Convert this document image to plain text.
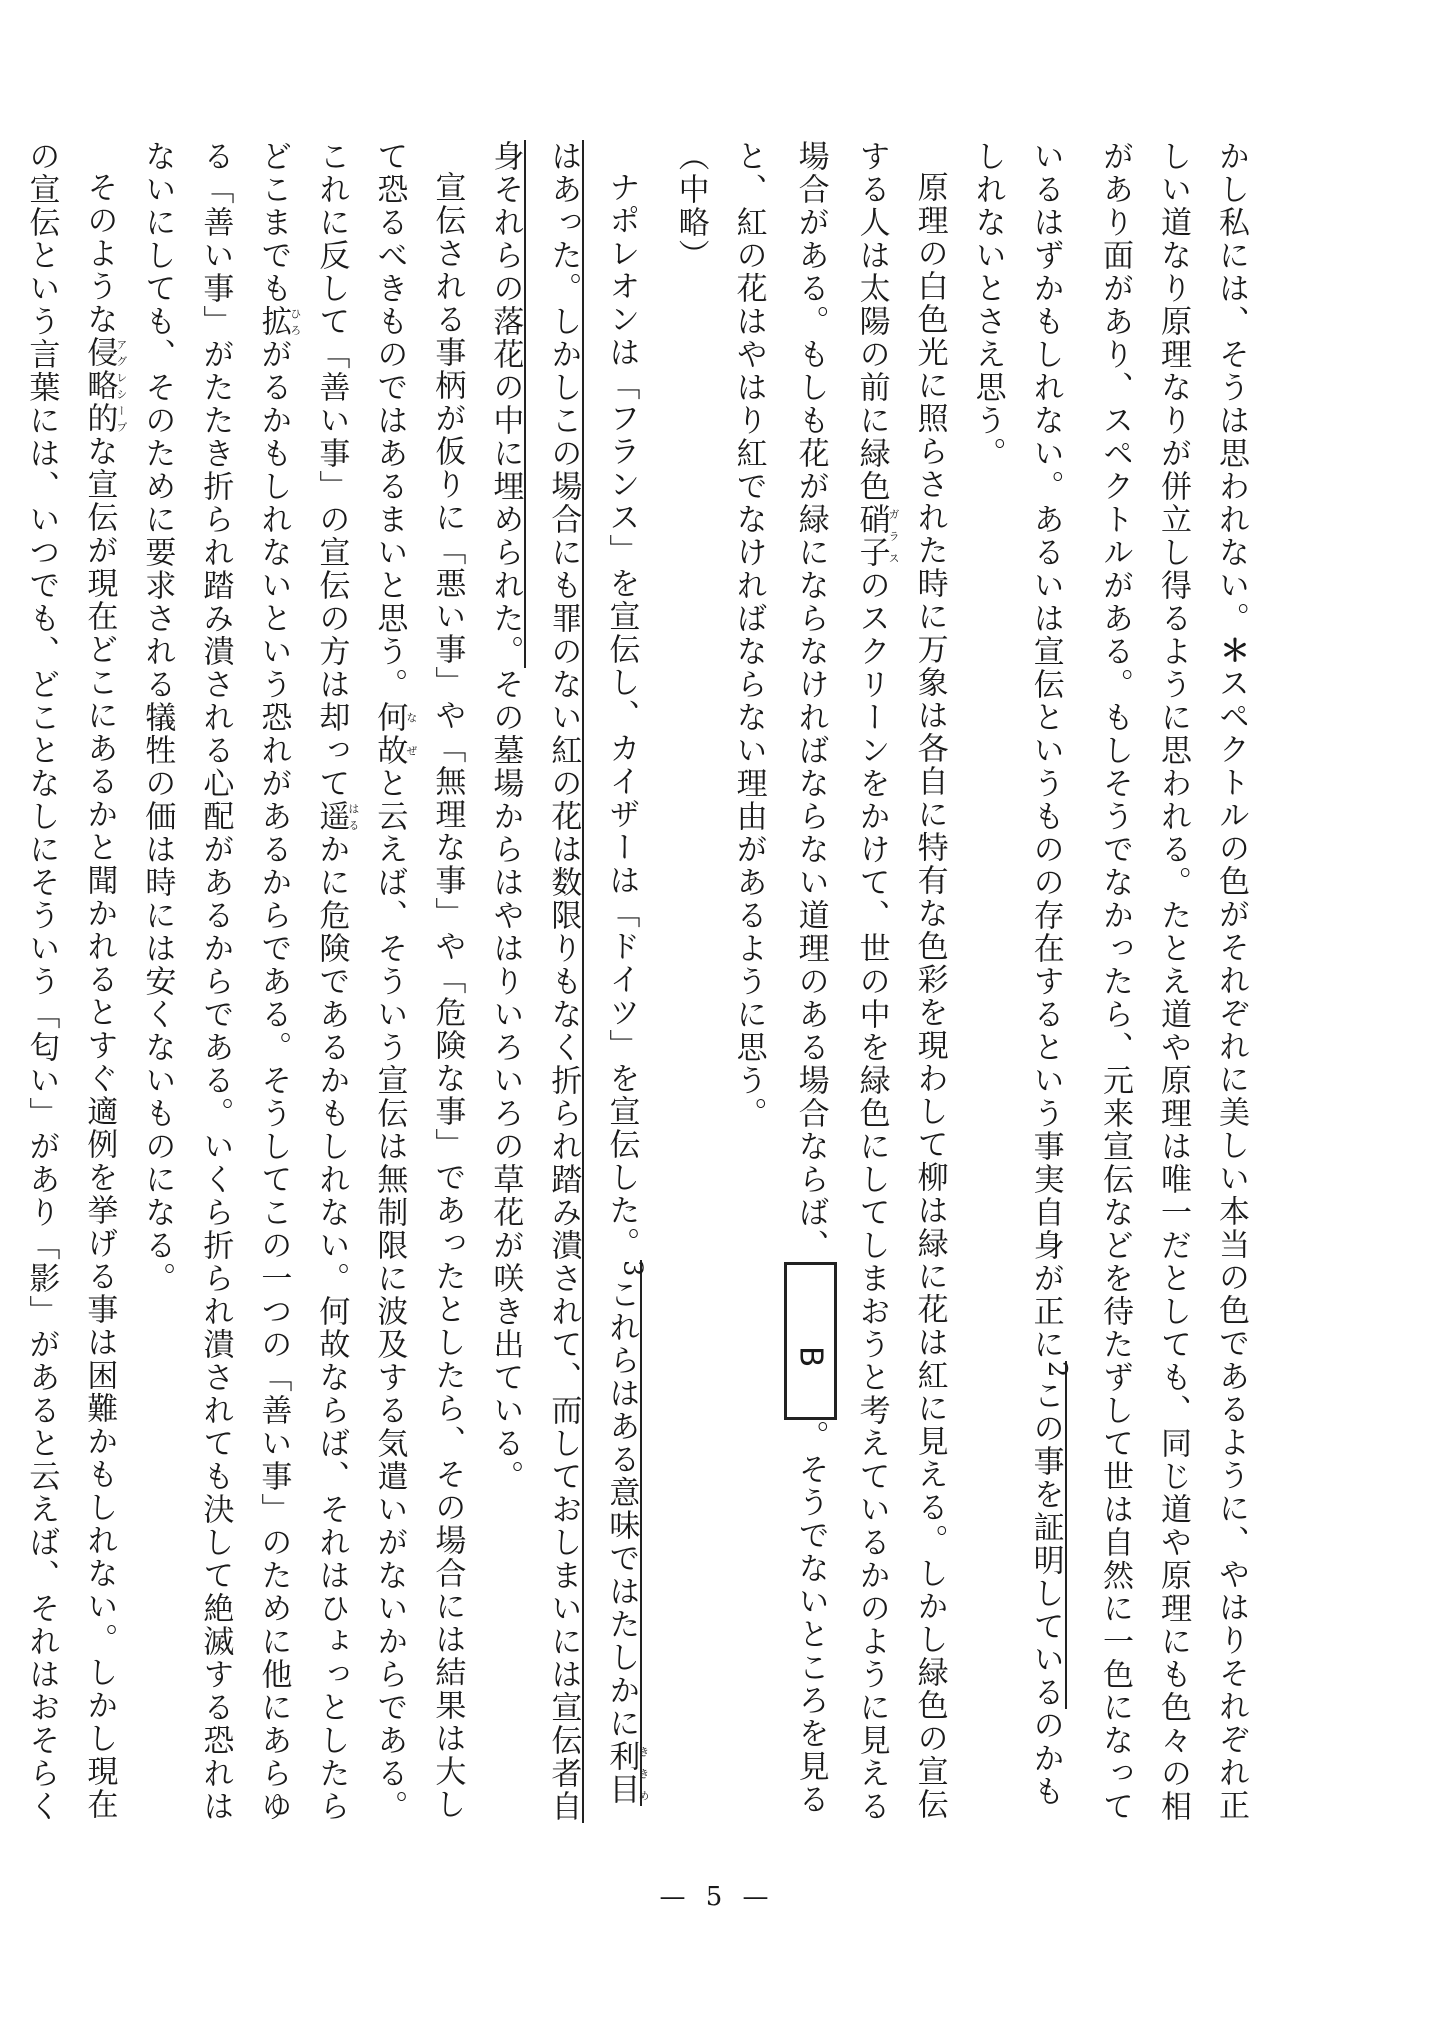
かし私には、そうは思われない。＊スペクトルの色がそれぞれに美しい本当の色であるように、やはりそれぞれ正しい道なり原理なりが併立し得るように思われる。たとえ道や原理は唯一だとしても、同じ道や原理にも色々の相があり面があり、スペクトルがある。もしそうでなかったら、元来宣伝などを待たずして世は自然に一色になっているはずかもしれない。あるいは宣伝というものの存在するという事実自身が正に$^2$この事を証明しているのかもしれないとさえ思う。

原理の白色光に照らされた時に万象は各自に特有な色彩を現わして柳は緑に花は紅に見える。しかし緑色の宣伝する人は太陽の前に緑色硝子ガラスのスクリーンをかけて、世の中を緑色にしてしまおうと考えているかのように見える場合がある。もしも花が緑にならなければならない道理のある場合ならば、B。そうでないところを見ると、紅の花はやはり紅でなければならない理由があるように思う。

（中略）

ナポレオンは「フランス」を宣伝し、カイザーは「ドイツ」を宣伝した。$^3$これらはある意味ではたしかに利目ききめはあった。しかしこの場合にも罪のない紅の花は数限りもなく折られ踏み潰されて、而しておしまいには宣伝者自身それらの落花の中に埋められた。その墓場からはやはりいろいろの草花が咲き出ている。

宣伝される事柄が仮りに「悪い事」や「無理な事」や「危険な事」であったとしたら、その場合には結果は大して恐るべきものではあるまいと思う。何故なぜと云えば、そういう宣伝は無制限に波及する気遣いがないからである。これに反して「善い事」の宣伝の方は却って遥はるかに危険であるかもしれない。何故ならば、それはひょっとしたらどこまでも拡ひろがるかもしれないという恐れがあるからである。そうしてこの一つの「善い事」のために他にあらゆる「善い事」がたたき折られ踏み潰される心配があるからである。いくら折られ潰されても決して絶滅する恐れはないにしても、そのために要求される犠牲の価は時には安くないものになる。

そのような侵略的アグレシーブな宣伝が現在どこにあるかと聞かれるとすぐ適例を挙げる事は困難かもしれない。しかし現在の宣伝という言葉には、いつでも、どことなしにそういう「匂い」があり「影」があると云えば、それはおそらく

— 5 —
